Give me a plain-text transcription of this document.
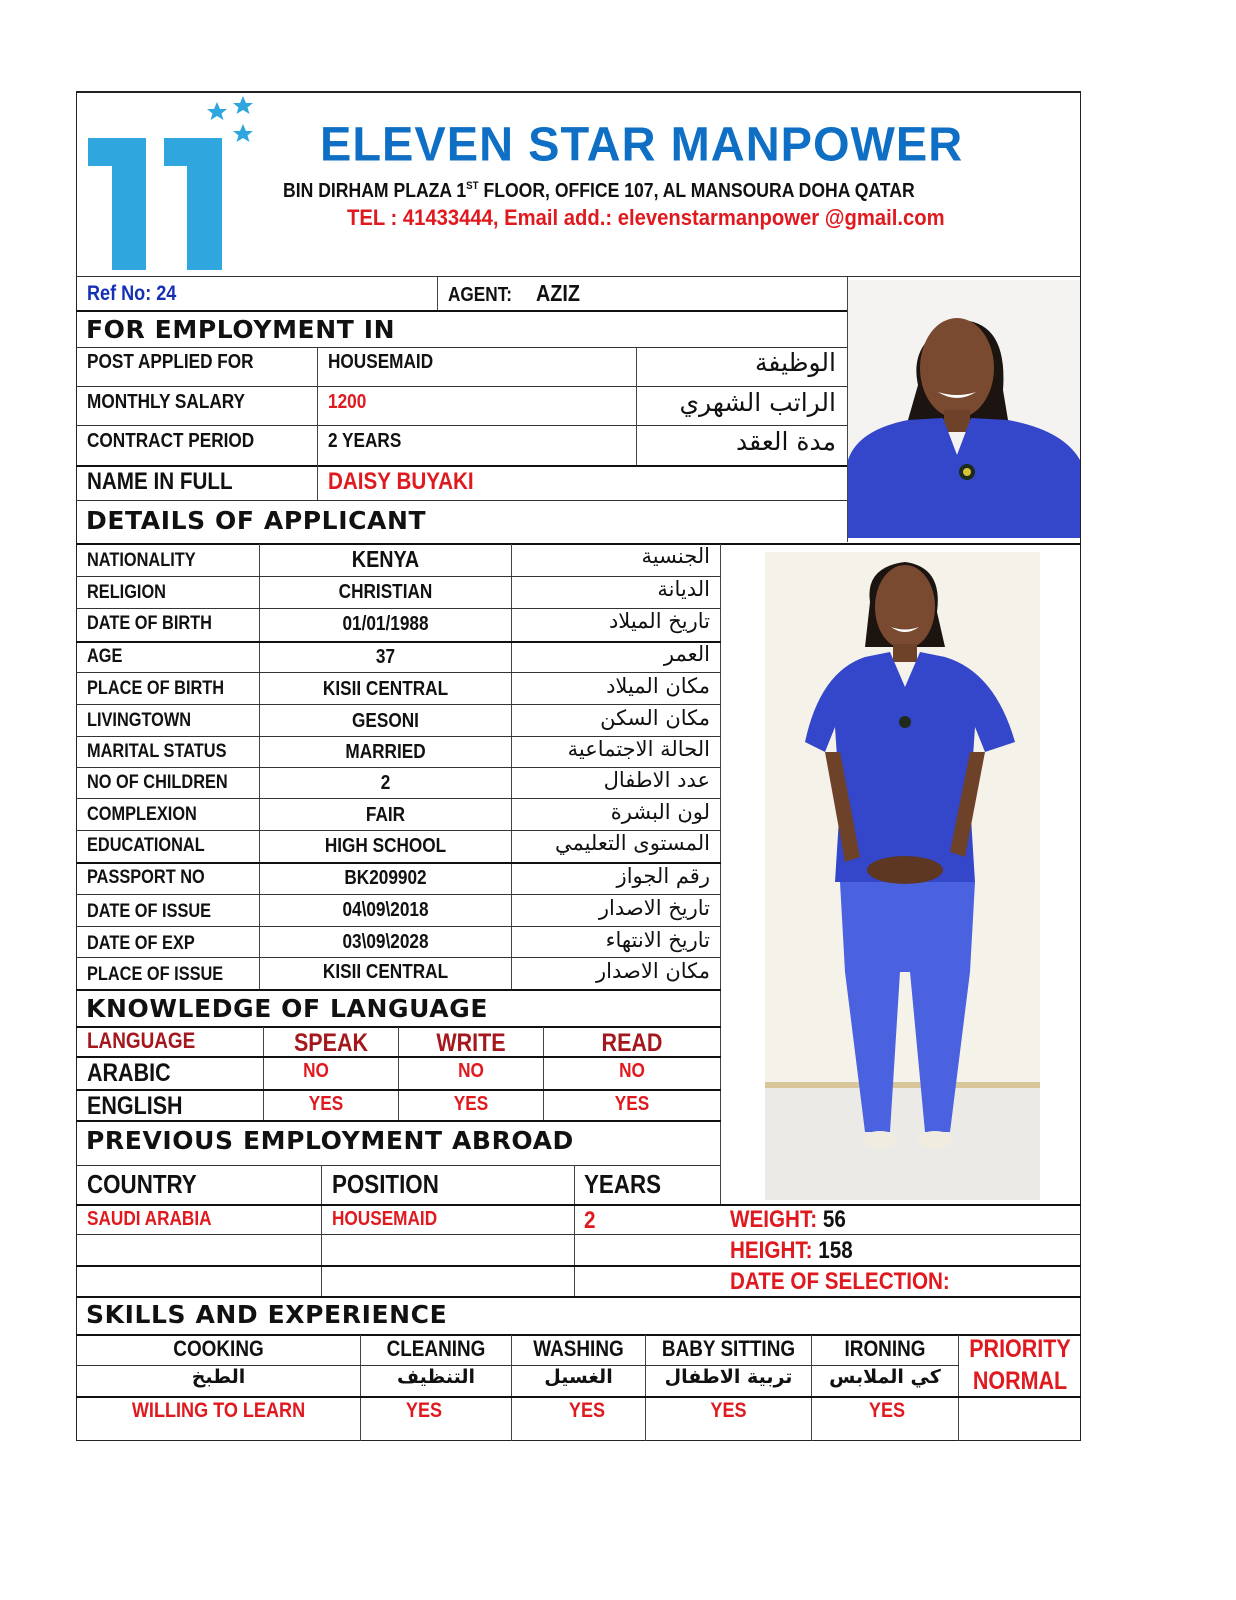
ELEVEN STAR MANPOWER
BIN DIRHAM PLAZA 1ST FLOOR, OFFICE 107, AL MANSOURA DOHA QATAR
TEL : 41433444, Email add.: elevenstarmanpower @gmail.com
Ref No: 24	AGENT: AZIZ
FOR EMPLOYMENT IN
POST APPLIED FOR	HOUSEMAID	الوظيفة
MONTHLY SALARY	1200	الراتب الشهري
CONTRACT PERIOD	2 YEARS	مدة العقد
NAME IN FULL	DAISY BUYAKI
DETAILS OF APPLICANT
NATIONALITY	KENYA	الجنسية
RELIGION	CHRISTIAN	الديانة
DATE OF BIRTH	01/01/1988	تاريخ الميلاد
AGE	37	العمر
PLACE OF BIRTH	KISII CENTRAL	مكان الميلاد
LIVINGTOWN	GESONI	مكان السكن
MARITAL STATUS	MARRIED	الحالة الاجتماعية
NO OF CHILDREN	2	عدد الاطفال
COMPLEXION	FAIR	لون البشرة
EDUCATIONAL	HIGH SCHOOL	المستوى التعليمي
PASSPORT NO	BK209902	رقم الجواز
DATE OF ISSUE	04\09\2018	تاريخ الاصدار
DATE OF EXP	03\09\2028	تاريخ الانتهاء
PLACE OF ISSUE	KISII CENTRAL	مكان الاصدار
KNOWLEDGE OF LANGUAGE
LANGUAGE	SPEAK	WRITE	READ
ARABIC	NO	NO	NO
ENGLISH	YES	YES	YES
PREVIOUS EMPLOYMENT ABROAD
COUNTRY	POSITION	YEARS
SAUDI ARABIA	HOUSEMAID	2	WEIGHT: 56
HEIGHT: 158
DATE OF SELECTION:
SKILLS AND EXPERIENCE
COOKING	CLEANING	WASHING	BABY SITTING	IRONING	PRIORITY
الطبخ	التنظيف	الغسيل	تربية الاطفال	كي الملابس	NORMAL
WILLING TO LEARN	YES	YES	YES	YES
